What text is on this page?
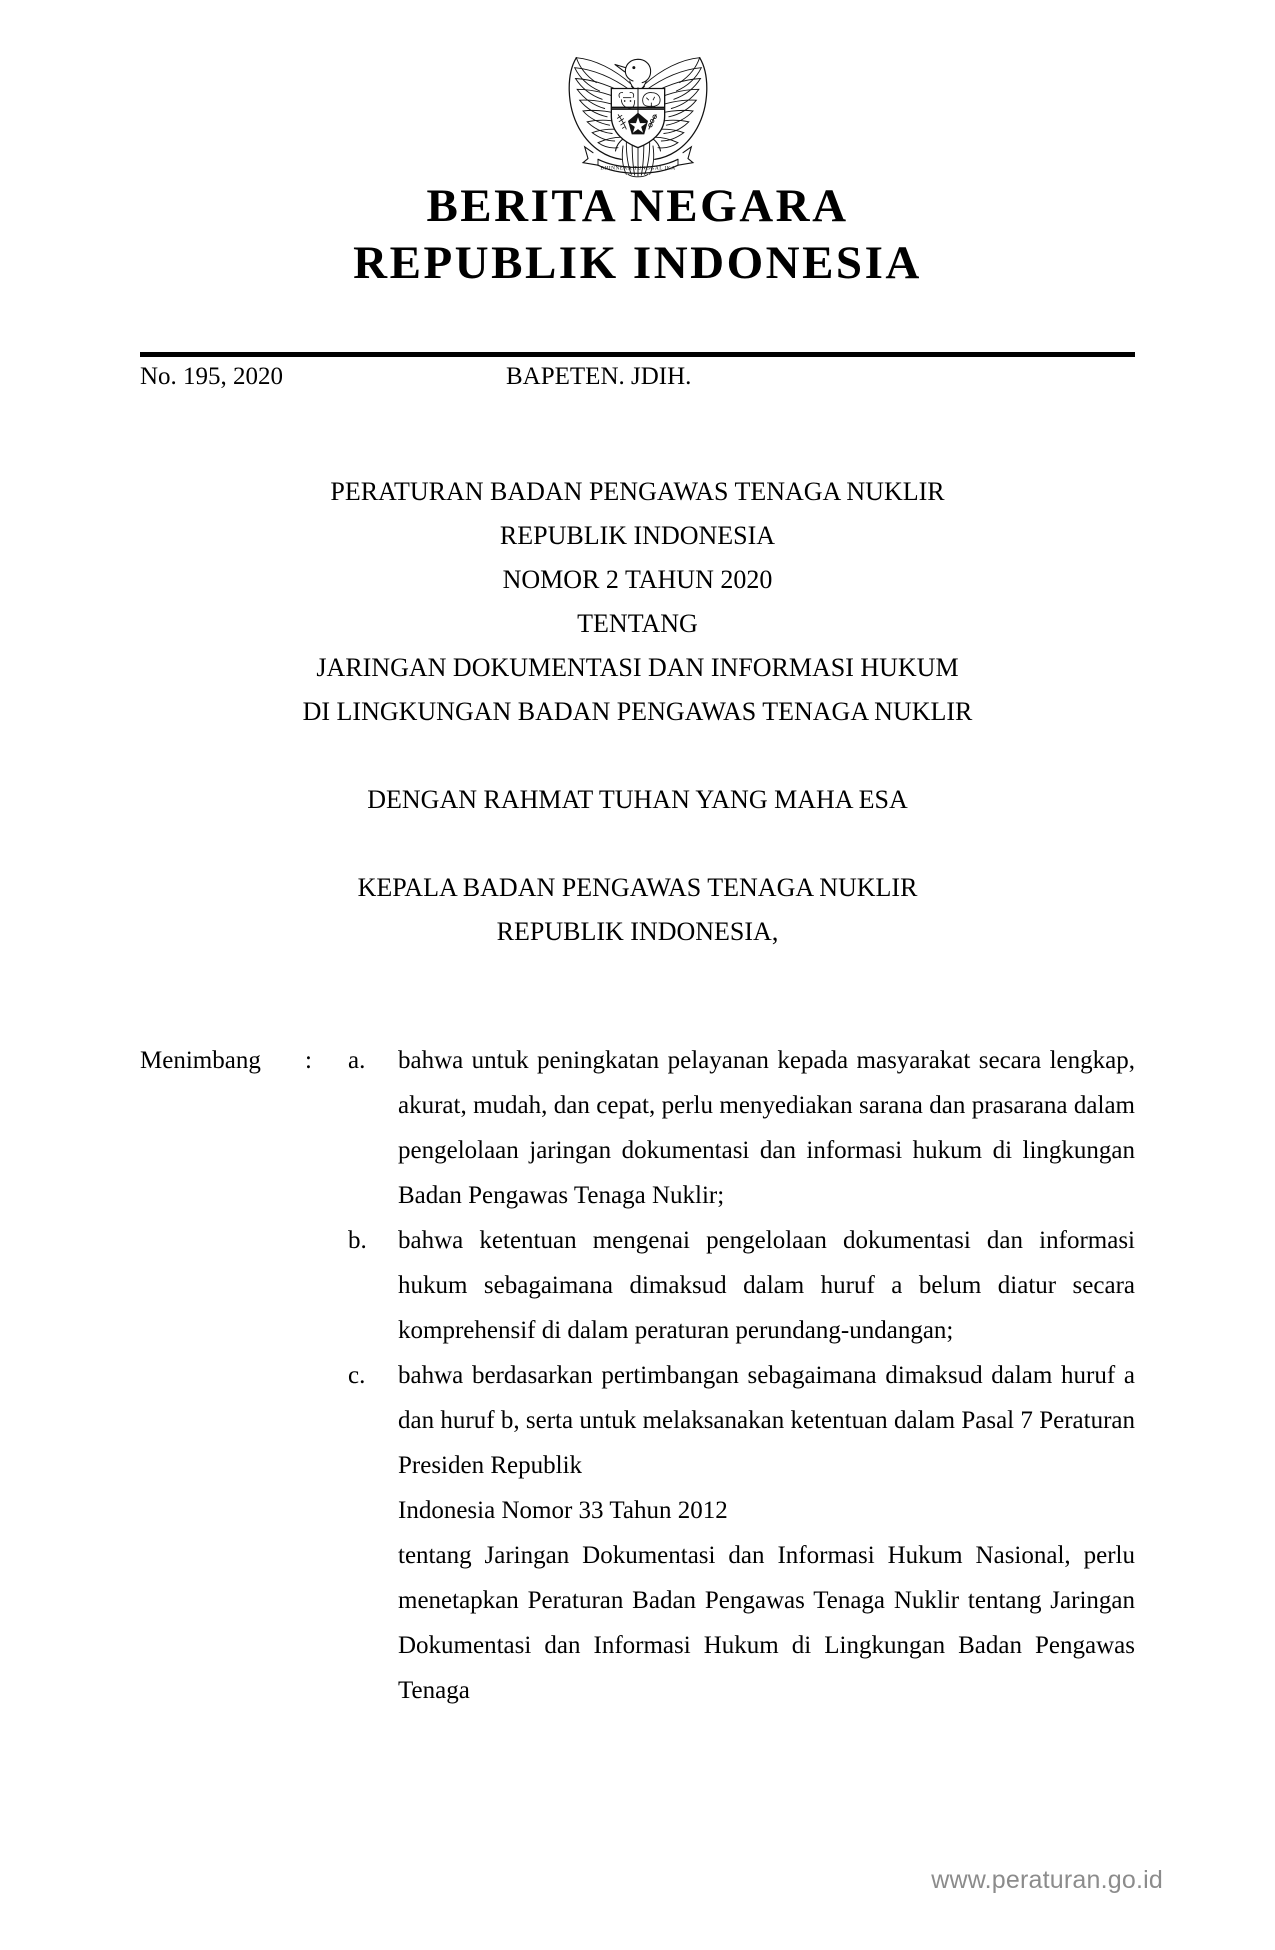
BHINNEKA TUNGGAL IKA
BERITA NEGARA
REPUBLIK INDONESIA
No. 195, 2020	BAPETEN. JDIH.
PERATURAN BADAN PENGAWAS TENAGA NUKLIR
REPUBLIK INDONESIA
NOMOR 2 TAHUN 2020
TENTANG
JARINGAN DOKUMENTASI DAN INFORMASI HUKUM
DI LINGKUNGAN BADAN PENGAWAS TENAGA NUKLIR
DENGAN RAHMAT TUHAN YANG MAHA ESA
KEPALA BADAN PENGAWAS TENAGA NUKLIR
REPUBLIK INDONESIA,
Menimbang	: a.	bahwa untuk peningkatan pelayanan kepada masyarakat secara lengkap, akurat, mudah, dan cepat, perlu menyediakan sarana dan prasarana dalam pengelolaan jaringan dokumentasi dan informasi hukum di lingkungan Badan Pengawas Tenaga Nuklir;
b.	bahwa ketentuan mengenai pengelolaan dokumentasi dan informasi hukum sebagaimana dimaksud dalam huruf a belum diatur secara komprehensif di dalam peraturan perundang-undangan;
c.	bahwa berdasarkan pertimbangan sebagaimana dimaksud dalam huruf a dan huruf b, serta untuk melaksanakan ketentuan dalam Pasal 7 Peraturan Presiden Republik

Indonesia Nomor 33 Tahun 2012

tentang Jaringan Dokumentasi dan Informasi Hukum Nasional, perlu menetapkan Peraturan Badan Pengawas Tenaga Nuklir tentang Jaringan Dokumentasi dan Informasi Hukum di Lingkungan Badan Pengawas Tenaga

www.peraturan.go.id
